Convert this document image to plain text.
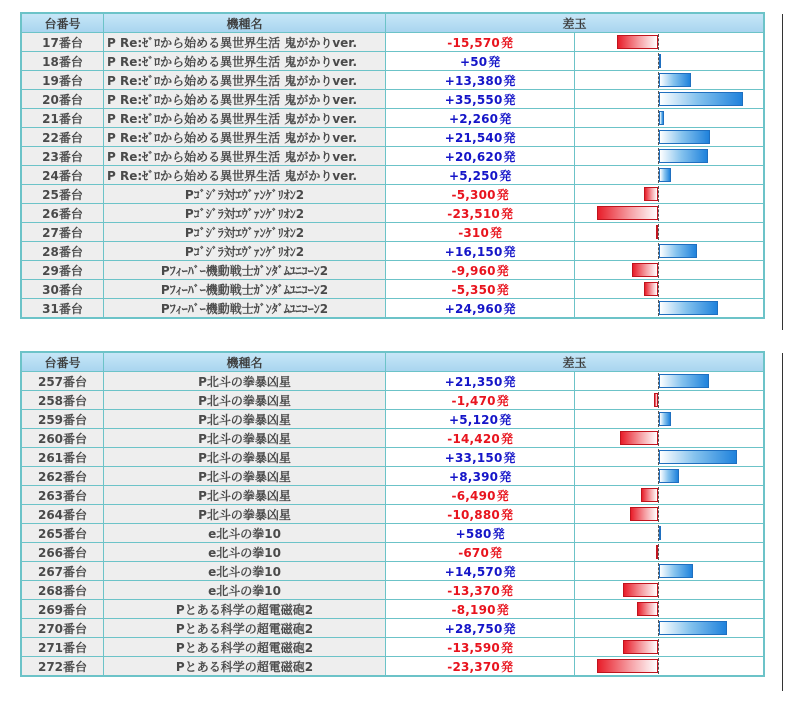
台番号	機種名	差玉	
17番台	P Re:ｾﾞﾛから始める異世界生活 鬼がかりver.	-15,570発	

18番台	P Re:ｾﾞﾛから始める異世界生活 鬼がかりver.	+50発	

19番台	P Re:ｾﾞﾛから始める異世界生活 鬼がかりver.	+13,380発	

20番台	P Re:ｾﾞﾛから始める異世界生活 鬼がかりver.	+35,550発	

21番台	P Re:ｾﾞﾛから始める異世界生活 鬼がかりver.	+2,260発	

22番台	P Re:ｾﾞﾛから始める異世界生活 鬼がかりver.	+21,540発	

23番台	P Re:ｾﾞﾛから始める異世界生活 鬼がかりver.	+20,620発	

24番台	P Re:ｾﾞﾛから始める異世界生活 鬼がかりver.	+5,250発	

25番台	Pｺﾞｼﾞﾗ対ｴｳﾞｧﾝｹﾞﾘｵﾝ2	-5,300発	

26番台	Pｺﾞｼﾞﾗ対ｴｳﾞｧﾝｹﾞﾘｵﾝ2	-23,510発	

27番台	Pｺﾞｼﾞﾗ対ｴｳﾞｧﾝｹﾞﾘｵﾝ2	-310発	

28番台	Pｺﾞｼﾞﾗ対ｴｳﾞｧﾝｹﾞﾘｵﾝ2	+16,150発	

29番台	Pﾌｨｰﾊﾞｰ機動戦士ｶﾞﾝﾀﾞﾑﾕﾆｺｰﾝ2	-9,960発	

30番台	Pﾌｨｰﾊﾞｰ機動戦士ｶﾞﾝﾀﾞﾑﾕﾆｺｰﾝ2	-5,350発	

31番台	Pﾌｨｰﾊﾞｰ機動戦士ｶﾞﾝﾀﾞﾑﾕﾆｺｰﾝ2	+24,960発	
台番号	機種名	差玉	
257番台	P北斗の拳暴凶星	+21,350発	

258番台	P北斗の拳暴凶星	-1,470発	

259番台	P北斗の拳暴凶星	+5,120発	

260番台	P北斗の拳暴凶星	-14,420発	

261番台	P北斗の拳暴凶星	+33,150発	

262番台	P北斗の拳暴凶星	+8,390発	

263番台	P北斗の拳暴凶星	-6,490発	

264番台	P北斗の拳暴凶星	-10,880発	

265番台	e北斗の拳10	+580発	

266番台	e北斗の拳10	-670発	

267番台	e北斗の拳10	+14,570発	

268番台	e北斗の拳10	-13,370発	

269番台	Pとある科学の超電磁砲2	-8,190発	

270番台	Pとある科学の超電磁砲2	+28,750発	

271番台	Pとある科学の超電磁砲2	-13,590発	

272番台	Pとある科学の超電磁砲2	-23,370発	
